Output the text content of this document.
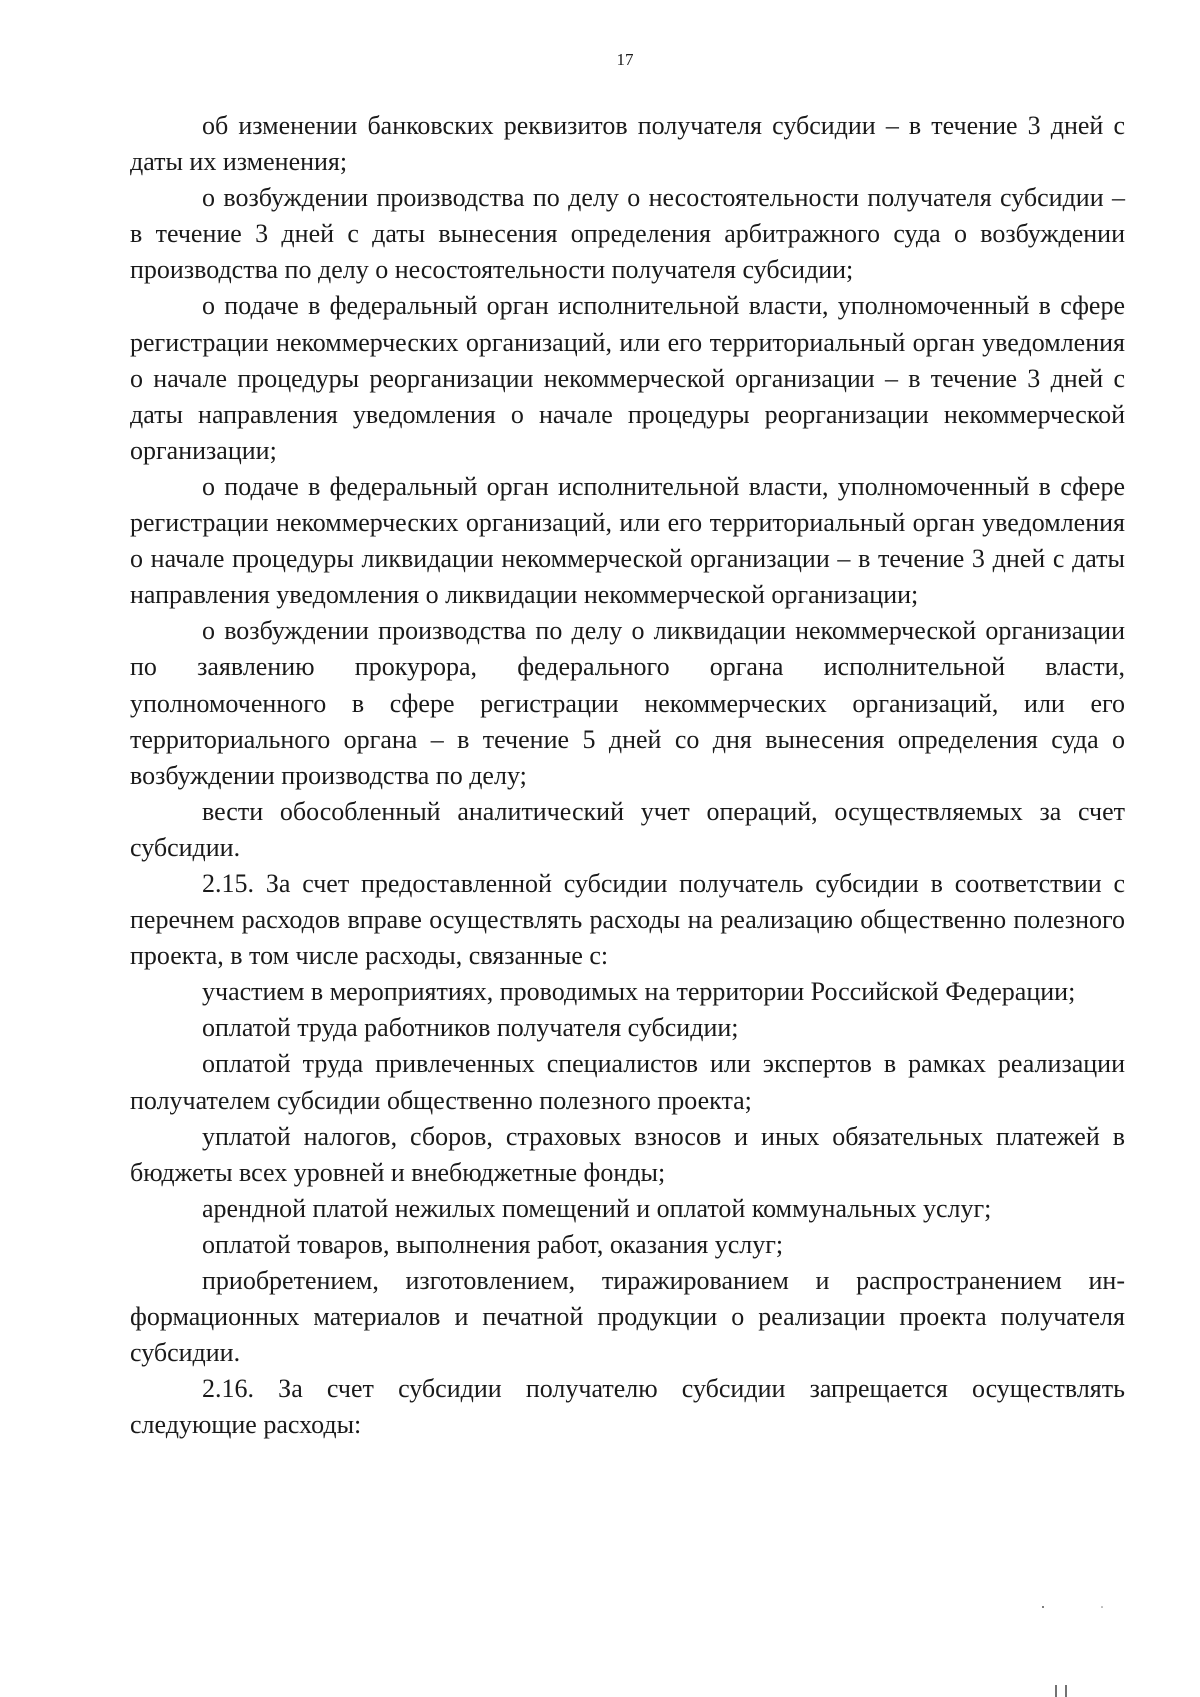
17

об изменении банковских реквизитов получателя субсидии – в течение 3 дней с даты их изменения;

о возбуждении производства по делу о несостоятельности получателя субсидии – в течение 3 дней с даты вынесения определения арбитражного суда о возбуждении производства по делу о несостоятельности получателя субсидии;

о подаче в федеральный орган исполнительной власти, уполномоченный в сфере регистрации некоммерческих организаций, или его территориальный орган уведомления о начале процедуры реорганизации некоммерческой организации – в течение 3 дней с даты направления уведомления о начале процедуры реорганизации некоммерческой организации;

о подаче в федеральный орган исполнительной власти, уполномоченный в сфере регистрации некоммерческих организаций, или его территориальный орган уведомления о начале процедуры ликвидации некоммерческой организации – в течение 3 дней с даты направления уведомления о ликвидации некоммерческой организации;

о возбуждении производства по делу о ликвидации некоммерческой организации по заявлению прокурора, федерального органа исполнительной власти, уполномоченного в сфере регистрации некоммерческих организаций, или его территориального органа – в течение 5 дней со дня вынесения определения суда о возбуждении производства по делу;

вести обособленный аналитический учет операций, осуществляемых за счет субсидии.

2.15. За счет предоставленной субсидии получатель субсидии в соответствии с перечнем расходов вправе осуществлять расходы на реализацию общественно полезного проекта, в том числе расходы, связанные с:

участием в мероприятиях, проводимых на территории Российской Федерации;

оплатой труда работников получателя субсидии;

оплатой труда привлеченных специалистов или экспертов в рамках реализации получателем субсидии общественно полезного проекта;

уплатой налогов, сборов, страховых взносов и иных обязательных платежей в бюджеты всех уровней и внебюджетные фонды;

арендной платой нежилых помещений и оплатой коммунальных услуг;

оплатой товаров, выполнения работ, оказания услуг;

приобретением, изготовлением, тиражированием и распространением информационных материалов и печатной продукции о реализации проекта получателя субсидии.

2.16. За счет субсидии получателю субсидии запрещается осуществлять следующие расходы:
